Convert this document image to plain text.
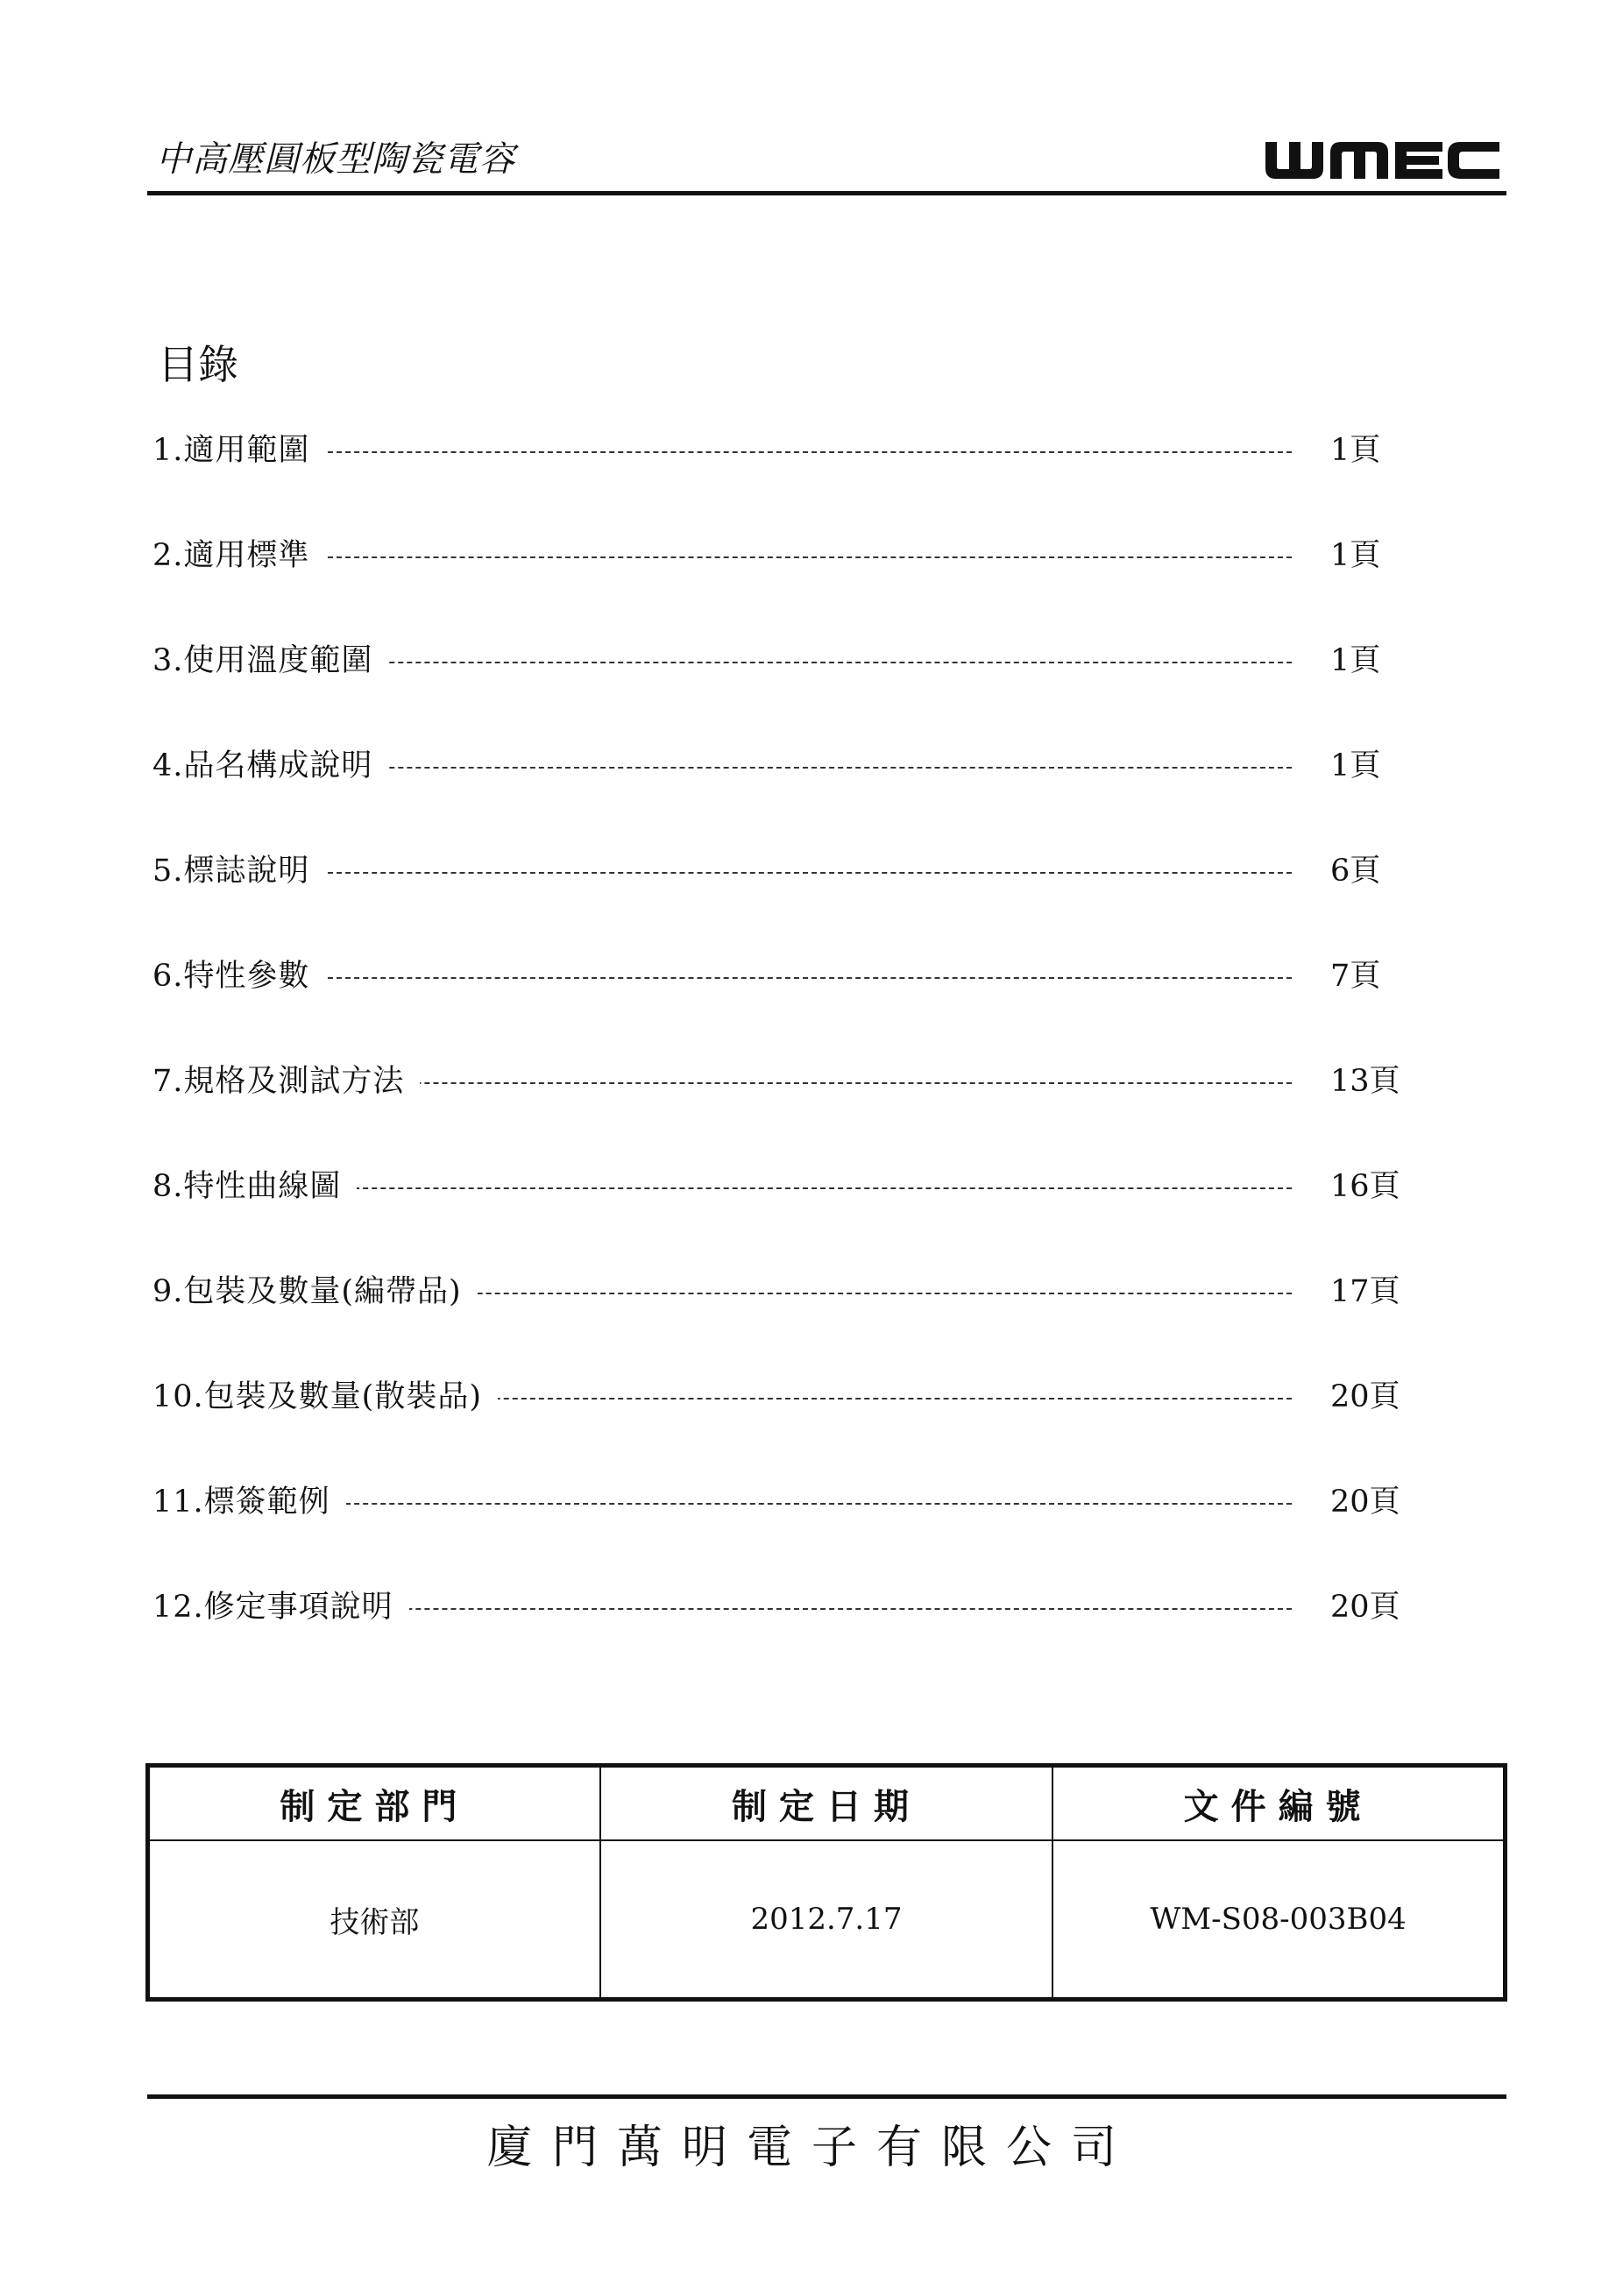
中高壓圓板型陶瓷電容
目錄
1.適用範圍	1頁
2.適用標準	1頁
3.使用溫度範圍	1頁
4.品名構成說明	1頁
5.標誌說明	6頁
6.特性參數	7頁
7.規格及測試方法	13頁
8.特性曲線圖	16頁
9.包裝及數量(編帶品)	17頁
10.包裝及數量(散裝品)	20頁
11.標簽範例	20頁
12.修定事項說明	20頁
制定部門	制定日期	文件編號
技術部	2012.7.17	WM-S08-003B04
廈門萬明電子有限公司
